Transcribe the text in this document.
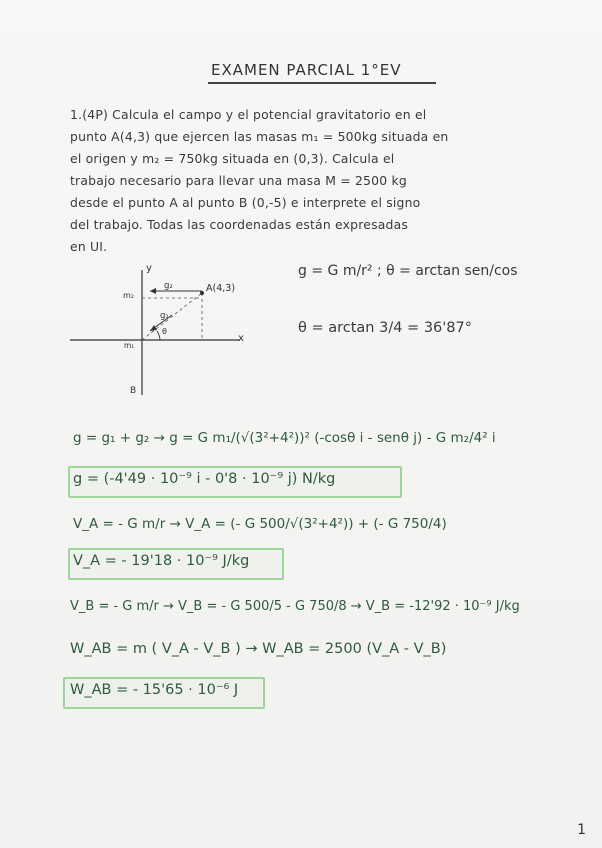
EXAMEN PARCIAL 1°EV
1.(4P) Calcula el campo y el potencial gravitatorio en el
punto A(4,3) que ejercen las masas m₁ = 500kg situada en
el origen y m₂ = 750kg situada en (0,3). Calcula el
trabajo necesario para llevar una masa M = 2500 kg
desde el punto A al punto B (0,-5) e interprete el signo
del trabajo. Todas las coordenadas están expresadas
en UI.
y
x
A(4,3)
g₂
g₁
θ
m₂
m₁
B
g = G m/r² ; θ = arctan sen/cos
θ = arctan 3/4 = 36'87°
g = g₁ + g₂ → g = G m₁/(√(3²+4²))² (-cosθ i - senθ j) - G m₂/4² i
g = (-4'49 · 10⁻⁹ i - 0'8 · 10⁻⁹ j) N/kg
V_A = - G m/r → V_A = (- G 500/√(3²+4²)) + (- G 750/4)
V_A = - 19'18 · 10⁻⁹ J/kg
V_B = - G m/r → V_B = - G 500/5 - G 750/8 → V_B = -12'92 · 10⁻⁹ J/kg
W_AB = m ( V_A - V_B ) → W_AB = 2500 (V_A - V_B)
W_AB = - 15'65 · 10⁻⁶ J
1
